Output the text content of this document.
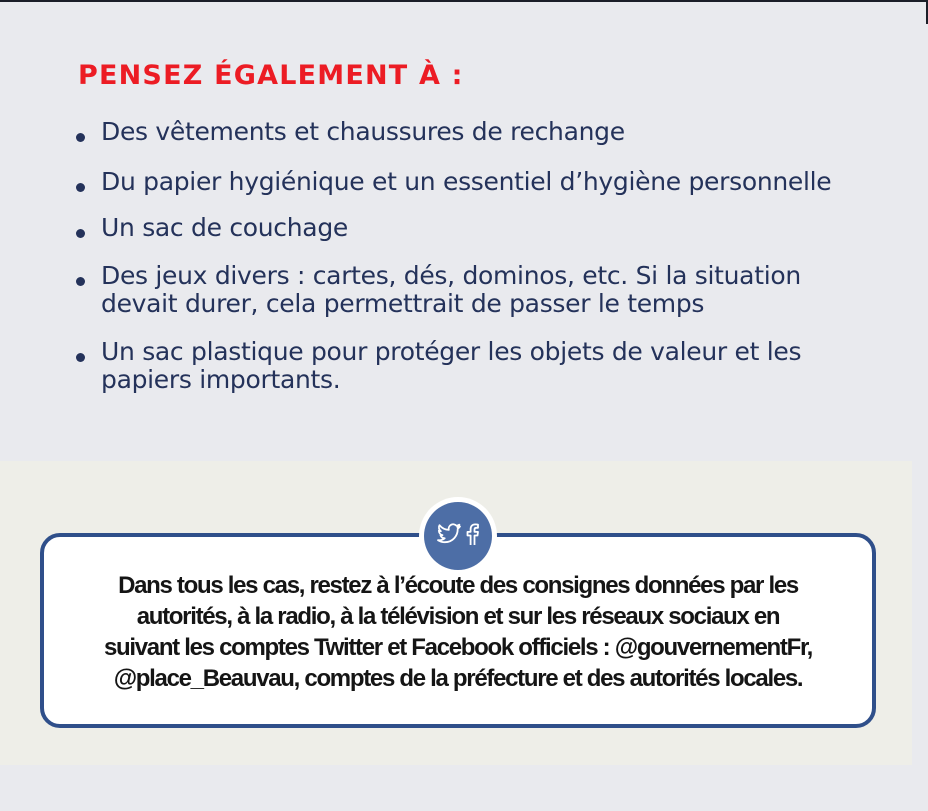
PENSEZ ÉGALEMENT À :
Des vêtements et chaussures de rechange
Du papier hygiénique et un essentiel d’hygiène personnelle
Un sac de couchage
Des jeux divers : cartes, dés, dominos, etc. Si la situation devait durer, cela permettrait de passer le temps
Un sac plastique pour protéger les objets de valeur et les papiers importants.
Dans tous les cas, restez à l’écoute des consignes données par les
autorités, à la radio, à la télévision et sur les réseaux sociaux en
suivant les comptes Twitter et Facebook officiels : @gouvernementFr,
@place_Beauvau, comptes de la préfecture et des autorités locales.
